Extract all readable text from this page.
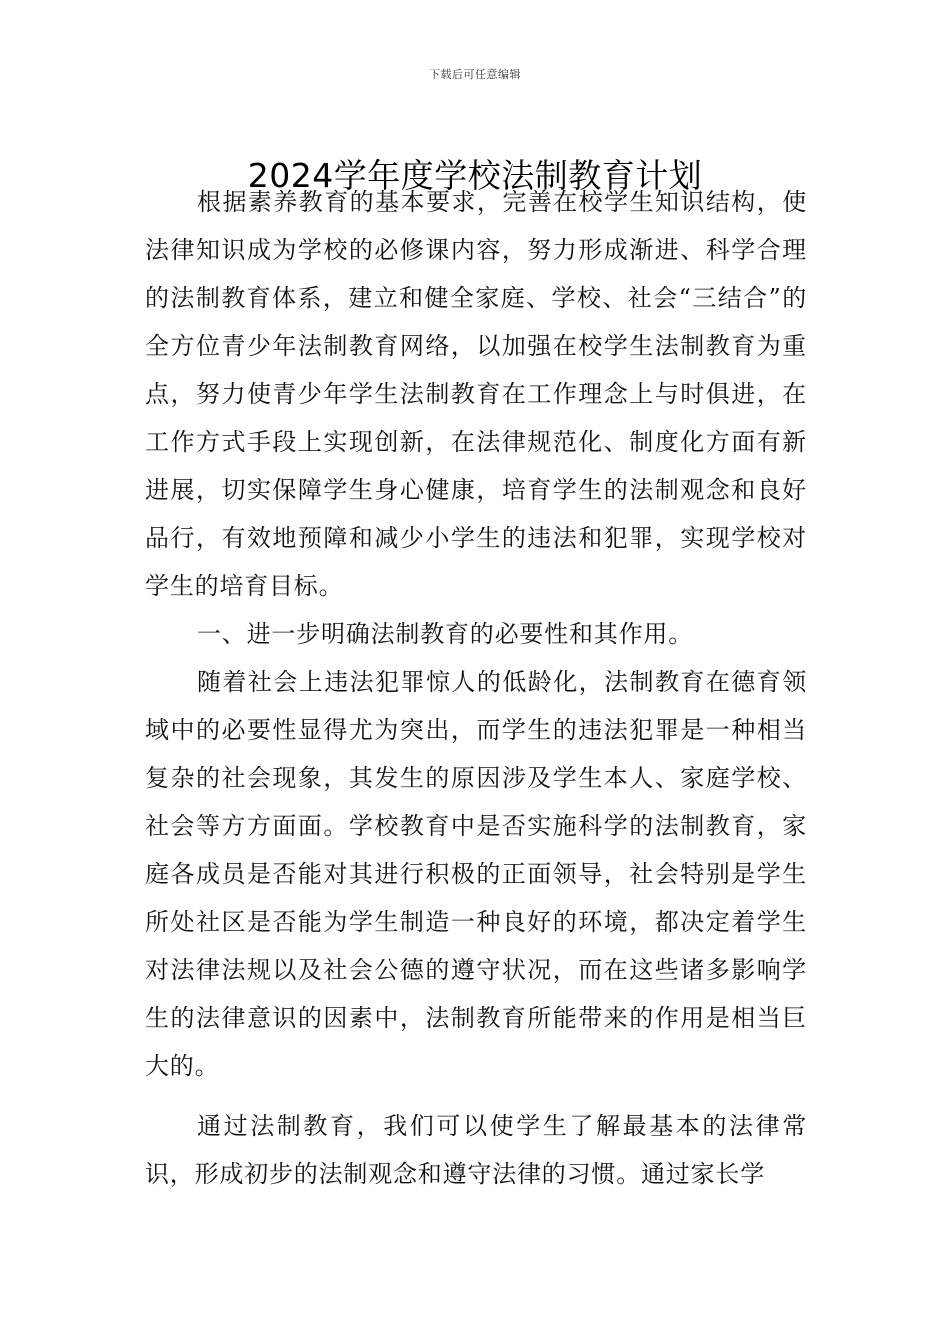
下载后可任意编辑
2024学年度学校法制教育计划

根据素养教育的基本要求，完善在校学生知识结构，使法律知识成为学校的必修课内容，努力形成渐进、科学合理的法制教育体系，建立和健全家庭、学校、社会“三结合”的全方位青少年法制教育网络，以加强在校学生法制教育为重点，努力使青少年学生法制教育在工作理念上与时俱进，在工作方式手段上实现创新，在法律规范化、制度化方面有新进展，切实保障学生身心健康，培育学生的法制观念和良好品行，有效地预障和减少小学生的违法和犯罪，实现学校对学生的培育目标。

一、进一步明确法制教育的必要性和其作用。

随着社会上违法犯罪惊人的低龄化，法制教育在德育领域中的必要性显得尤为突出，而学生的违法犯罪是一种相当复杂的社会现象，其发生的原因涉及学生本人、家庭学校、社会等方方面面。学校教育中是否实施科学的法制教育，家庭各成员是否能对其进行积极的正面领导，社会特别是学生所处社区是否能为学生制造一种良好的环境，都决定着学生对法律法规以及社会公德的遵守状况，而在这些诸多影响学生的法律意识的因素中，法制教育所能带来的作用是相当巨大的。

通过法制教育，我们可以使学生了解最基本的法律常识，形成初步的法制观念和遵守法律的习惯。通过家长学
